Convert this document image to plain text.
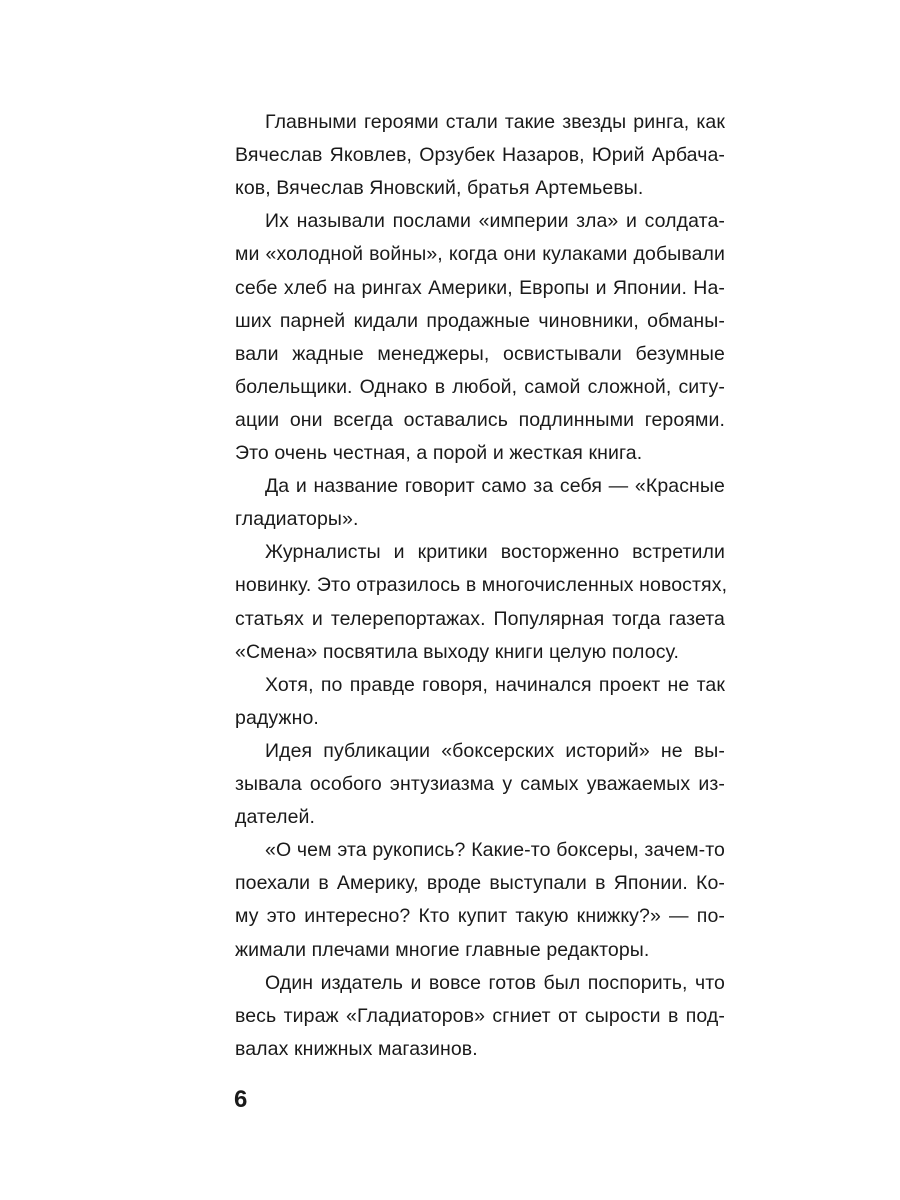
Главными героями стали такие звезды ринга, как
Вячеслав Яковлев, Орзубек Назаров, Юрий Арбача-
ков, Вячеслав Яновский, братья Артемьевы.
Их называли послами «империи зла» и солдата-
ми «холодной войны», когда они кулаками добывали
себе хлеб на рингах Америки, Европы и Японии. На-
ших парней кидали продажные чиновники, обманы-
вали жадные менеджеры, освистывали безумные
болельщики. Однако в любой, самой сложной, ситу-
ации они всегда оставались подлинными героями.
Это очень честная, а порой и жесткая книга.
Да и название говорит само за себя — «Красные
гладиаторы».
Журналисты и критики восторженно встретили
новинку. Это отразилось в многочисленных новостях,
статьях и телерепортажах. Популярная тогда газета
«Смена» посвятила выходу книги целую полосу.
Хотя, по правде говоря, начинался проект не так
радужно.
Идея публикации «боксерских историй» не вы-
зывала особого энтузиазма у самых уважаемых из-
дателей.
«О чем эта рукопись? Какие-то боксеры, зачем-то
поехали в Америку, вроде выступали в Японии. Ко-
му это интересно? Кто купит такую книжку?» — по-
жимали плечами многие главные редакторы.
Один издатель и вовсе готов был поспорить, что
весь тираж «Гладиаторов» сгниет от сырости в под-
валах книжных магазинов.
6
